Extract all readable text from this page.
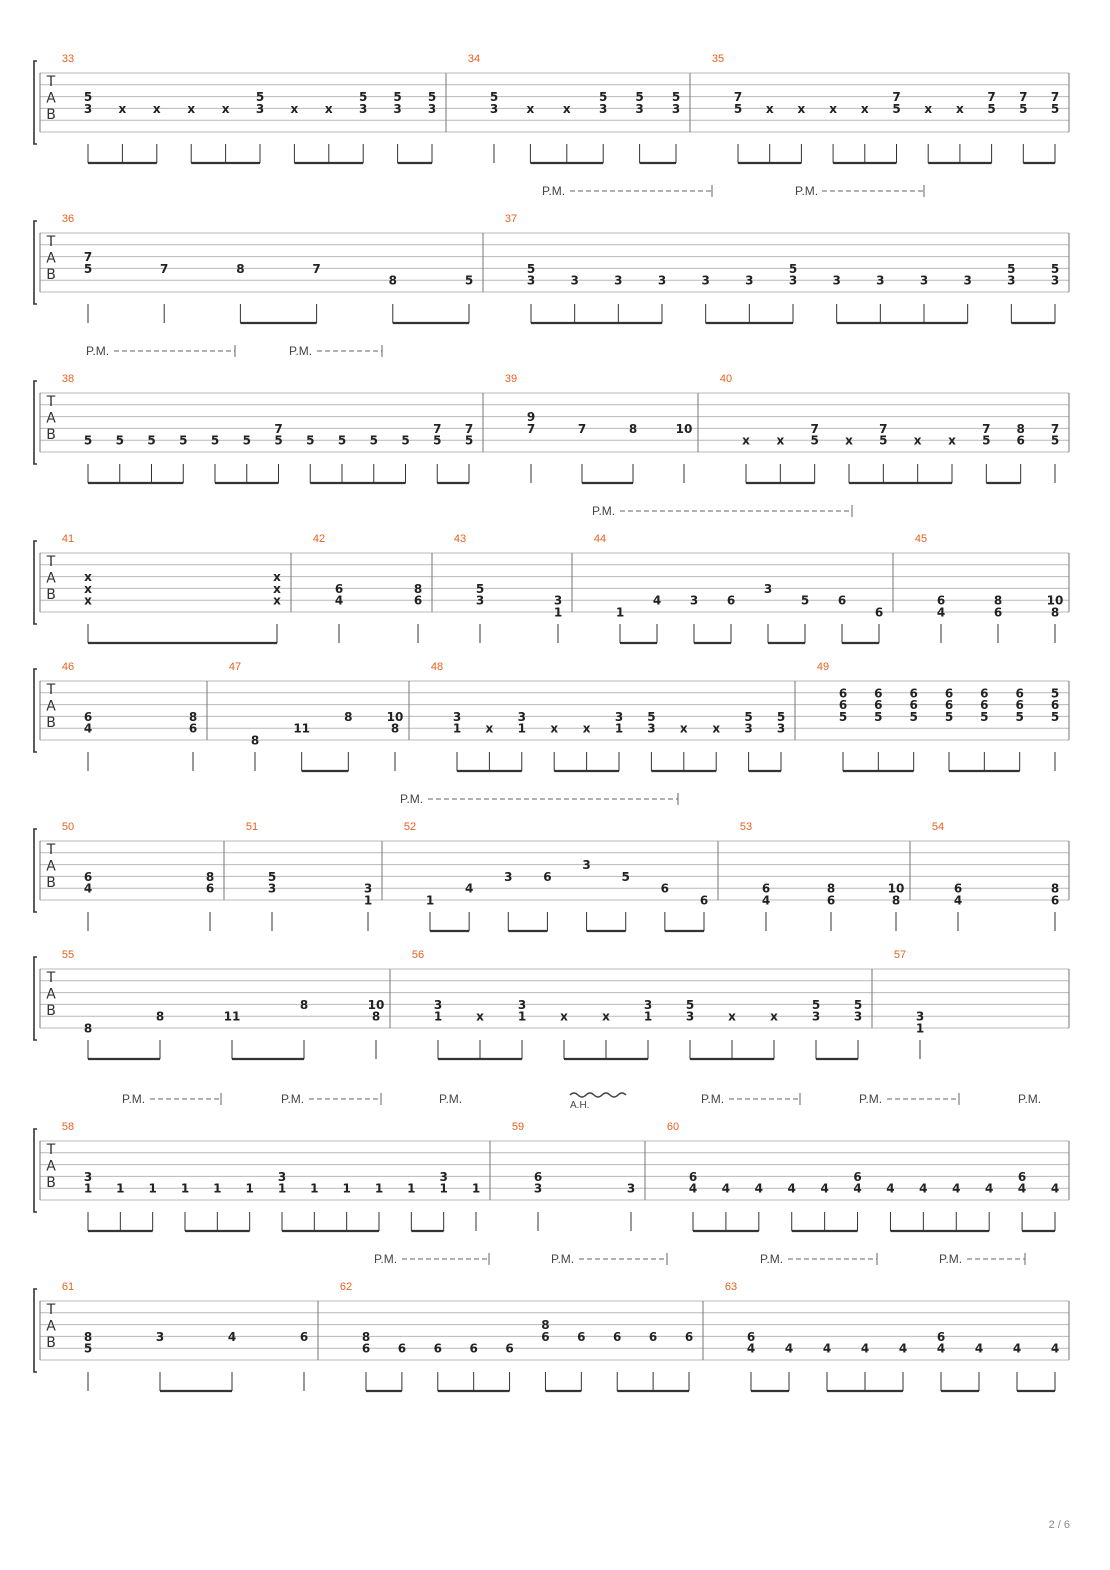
T
A
B
33
5
3 x x x x
5
3 x x
5
3
5
3
5
3
34
5
3 x x
5
3
5
3
5
3
35
7
5 x x x x
7
5 x x
7
5
7
5
7
5
T
A
B
36
7
5	7	8	7
8	5
37
5
3	3	3	3	3	3
5
3	3	3	3	3
5
3
5
3
T
A
B
38
5 5 5 5 5 5
7
5 5 5 5 5
7
5
7
5
39
9
7	7	8	10
40
x x
7
5 x
7
5 x x
7
5
8
6
7
5
T
A
B
41
x
x
x
x
x
x
42
6
4
8
6
43
5
3	3
1
44
1
4 3 6
3
5 6
6
45
6
4
8
6
10
8
T
A
B
46
6
4
8
6
47
8
11
8	10
8
48
3
1 x
3
1 x x
3
1
5
3 x x
5
3
5
3
49
6
6
5
6
6
5
6
6
5
6
6
5
6
6
5
6
6
5
5
6
5
T
A
B
50
6
4
8
6
51
5
3	3
1
52
1
4
3	6
3
5
6
6
53
6
4
8
6
10
8
54
6
4
8
6
T
A
B
55
8
8	11
8	10
8
56
3
1	x
3
1	x	x
3
1
5
3	x	x
5
3
5
3
57
3
1
T
A
B
58
3
1 1 1 1 1 1
3
1 1 1 1 1
3
1 1
59
6
3	3
60
6
4 4 4 4 4
6
4 4 4 4 4
6
4 4
T
A
B
61
8
5
3	4	6
62
8
6 6 6 6 6
8
6 6 6 6 6
63
6
4 4 4 4 4
6
4 4 4 4
P.M.	P.M.
P.M.	P.M.
P.M.
P.M.
P.M.	P.M.	P.M.	P.M.	P.M.	P.M.
P.M.	P.M.	P.M.	P.M.
A.H.
2 / 6
